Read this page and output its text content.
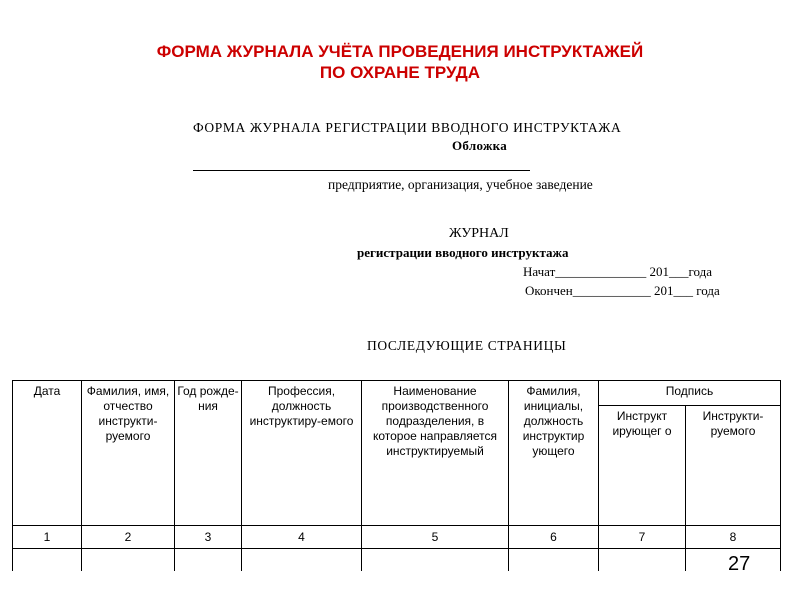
ФОРМА ЖУРНАЛА УЧЁТА ПРОВЕДЕНИЯ ИНСТРУКТАЖЕЙ
ПО ОХРАНЕ ТРУДА
ФОРМА ЖУРНАЛА РЕГИСТРАЦИИ ВВОДНОГО ИНСТРУКТАЖА
Обложка
предприятие, организация, учебное заведение
ЖУРНАЛ
регистрации вводного инструктажа
Начат______________ 201___года
Окончен____________ 201___ года
ПОСЛЕДУЮЩИЕ СТРАНИЦЫ
Дата	Фамилия, имя, отчество инструкти-руемого	Год рожде-ния	Профессия, должность инструктиру-емого	Наименование производственного подразделения, в которое направляется инструктируемый	Фамилия, инициалы, должность инструктир ующего	Подпись	
						Инструкт ирующег о	Инструкти-руемого
1	2	3	4	5	6	7	8

27
